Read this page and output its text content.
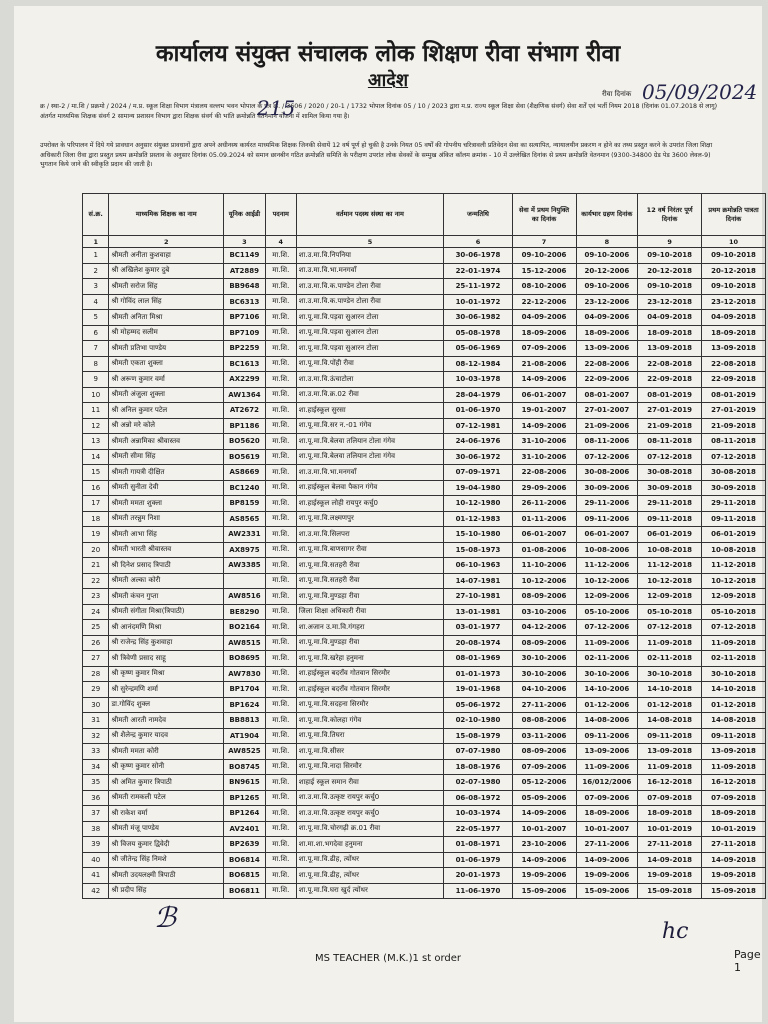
कार्यालय संयुक्त संचालक लोक शिक्षण रीवा संभाग रीवा
आदेश
रीवा दिनांक 05/09/2024
क्र / स्था-2 / मा.शि / प्रक्रमो / 2024 / म.प्र. स्कूल शिक्षा विभाग मंत्रालय वल्लभ भवन भोपाल के पत्र क्र. / 3606 / 2020 / 20-1 / 1732 भोपाल दिनांक 05 / 10 / 2023 द्वारा म.प्र. राज्य स्कूल शिक्षा सेवा (शैक्षणिक संवर्ग) सेवा शर्तें एवं भर्ती नियम 2018 (दिनांक 01.07.2018 से लागू) अंतर्गत माध्यमिक शिक्षक संवर्ग 2 सामान्य प्रशासन विभाग द्वारा शिक्षक संवर्ग की भांति क्रमोन्नति वेतनमान योजना में शामिल किया गया है।
215
उपरोक्त के परिपालन में दिये गये प्रावधान अनुसार संयुक्त प्रावधानों द्वारा अपने अधीनस्थ कार्यरत माध्यमिक शिक्षक जिनकी सेवायें 12 वर्ष पूर्ण हो चुकी है उनके नियत 05 वर्षों की गोपनीय चरित्रावली प्रतिवेदन सेवा का सत्यापित, न्यायालयीन प्रकरण न होने का तथ्य प्रस्तुत करने के उपरांत जिला शिक्षा अधिकारी जिला रीवा द्वारा प्रस्तुत प्रथम क्रमोन्नति प्रस्ताव के अनुसार दिनांक 05.09.2024 को समान छानबीन गठित क्रमोन्नति समिति के परीक्षण उपरांत लोक सेवकों के सम्मुख अंकित कॉलम क्रमांक - 10 में उल्लेखित दिनांक से प्रथम क्रमोन्नति वेतनमान (9300-34800 ग्रेड पेड 3600 लेवल-9) भुगतान किये जाने की स्वीकृति प्रदान की जाती है।
सं.क्र.	माध्यमिक शिक्षक का नाम	यूनिक आईडी	पदनाम	वर्तमान पदस्थ संस्था का नाम	जन्मतिथि	सेवा में प्रथम नियुक्ति का दिनांक	कार्यभार ग्रहण दिनांक	12 वर्ष निरंतर पूर्ण दिनांक	प्रथम क्रमोन्नति पात्रता दिनांक
1	2	3	4	5	6	7	8	9	10
1	श्रीमती अनीता कुशवाहा	BC1149	मा.शि.	शा.उ.मा.वि.निपनिया	30-06-1978	09-10-2006	09-10-2006	09-10-2018	09-10-2018
2	श्री अखिलेश कुमार दुबे	AT2889	मा.शि.	शा.उ.मा.वि.भा.मनगवाँ	22-01-1974	15-12-2006	20-12-2006	20-12-2018	20-12-2018
3	श्रीमती सरोज सिंह	BB9648	मा.शि.	शा.उ.मा.वि.क.पाण्डेन टोला रीवा	25-11-1972	08-10-2006	09-10-2006	09-10-2018	09-10-2018
4	श्री गोविंद लाल सिंह	BC6313	मा.शि.	शा.उ.मा.वि.क.पाण्डेन टोला रीवा	10-01-1972	22-12-2006	23-12-2006	23-12-2018	23-12-2018
5	श्रीमती अनिता मिश्रा	BP7106	मा.शि.	शा.पू.मा.वि.पड़वा सुआरन टोला	30-06-1982	04-09-2006	04-09-2006	04-09-2018	04-09-2018
6	श्री मोहम्मद सलीम	BP7109	मा.शि.	शा.पू.मा.वि.पड़वा सुआरन टोला	05-08-1978	18-09-2006	18-09-2006	18-09-2018	18-09-2018
7	श्रीमती प्रतिभा पाण्डेय	BP2259	मा.शि.	शा.पू.मा.वि.पड़वा सुआरन टोला	05-06-1969	07-09-2006	13-09-2006	13-09-2018	13-09-2018
8	श्रीमती एकता शुक्ला	BC1613	मा.शि.	शा.पू.मा.वि.पोंही रीवा	08-12-1984	21-08-2006	22-08-2006	22-08-2018	22-08-2018
9	श्री अरूण कुमार वर्मा	AX2299	मा.शि.	शा.उ.मा.वि.ऊंचाटोला	10-03-1978	14-09-2006	22-09-2006	22-09-2018	22-09-2018
10	श्रीमती अंजुला शुक्ला	AW1364	मा.शि.	शा.उ.मा.वि.क्र.02 रीवा	28-04-1979	06-01-2007	08-01-2007	08-01-2019	08-01-2019
11	श्री अनिल कुमार पटेल	AT2672	मा.शि.	शा.हाईस्कूल सुरसा	01-06-1970	19-01-2007	27-01-2007	27-01-2019	27-01-2019
12	श्री अन्नो मरे कोले	BP1186	मा.शि.	शा.पू.मा.वि.सर न.-01 गंगेव	07-12-1981	14-09-2006	21-09-2006	21-09-2018	21-09-2018
13	श्रीमती अन्नामिका श्रीवास्तव	BO5620	मा.शि.	शा.पू.मा.वि.बेलवा तलियान टोला गंगेव	24-06-1976	31-10-2006	08-11-2006	08-11-2018	08-11-2018
14	श्रीमती सीमा सिंह	BO5619	मा.शि.	शा.पू.मा.वि.बेलवा तलियान टोला गंगेव	30-06-1972	31-10-2006	07-12-2006	07-12-2018	07-12-2018
15	श्रीमती गायत्री दीक्षित	AS8669	मा.शि.	शा.उ.मा.वि.भा.मनगवाँ	07-09-1971	22-08-2006	30-08-2006	30-08-2018	30-08-2018
16	श्रीमती सुनीता देवी	BC1240	मा.शि.	शा.हाईस्कूल बेलवा पैकान गंगेव	19-04-1980	29-09-2006	30-09-2006	30-09-2018	30-09-2018
17	श्रीमती ममता शुक्ला	BP8159	मा.शि.	शा.हाईस्कूल लोही रायपुर कर्चु0	10-12-1980	26-11-2006	29-11-2006	29-11-2018	29-11-2018
18	श्रीमती तरन्नुम निशा	AS8565	मा.शि.	शा.पू.मा.वि.लक्ष्मणपुर	01-12-1983	01-11-2006	09-11-2006	09-11-2018	09-11-2018
19	श्रीमती आभा सिंह	AW2331	मा.शि.	शा.उ.मा.वि.सिलपरा	15-10-1980	06-01-2007	06-01-2007	06-01-2019	06-01-2019
20	श्रीमती भारती श्रीवास्तव	AX8975	मा.शि.	शा.पू.मा.वि.बाणसागर रीवा	15-08-1973	01-08-2006	10-08-2006	10-08-2018	10-08-2018
21	श्री दिनेश प्रसाद त्रिपाठी	AW3385	मा.शि.	शा.पू.मा.वि.सतहरी रीवा	06-10-1963	11-10-2006	11-12-2006	11-12-2018	11-12-2018
22	श्रीमती अल्का कोरी		मा.शि.	शा.पू.मा.वि.सतहरी रीवा	14-07-1981	10-12-2006	10-12-2006	10-12-2018	10-12-2018
23	श्रीमती कंचन गुप्ता	AW8516	मा.शि.	शा.पू.मा.वि.मुण्डहा रीवा	27-10-1981	08-09-2006	12-09-2006	12-09-2018	12-09-2018
24	श्रीमती संगीता मिश्रा(त्रिपाठी)	BE8290	मा.शि.	जिला शिक्षा अधिकारी रीवा	13-01-1981	03-10-2006	05-10-2006	05-10-2018	05-10-2018
25	श्री आनंदमणि मिश्रा	BO2164	मा.शि.	शा.अजान उ.मा.वि.गंगहरा	03-01-1977	04-12-2006	07-12-2006	07-12-2018	07-12-2018
26	श्री राजेन्द्र सिंह कुशवाहा	AW8515	मा.शि.	शा.पू.मा.वि.मुण्डहा रीवा	20-08-1974	08-09-2006	11-09-2006	11-09-2018	11-09-2018
27	श्री त्रिवेणी प्रसाद साहू	BO8695	मा.शि.	शा.पू.मा.वि.खरेहा हनुमना	08-01-1969	30-10-2006	02-11-2006	02-11-2018	02-11-2018
28	श्री कृष्ण कुमार मिश्रा	AW7830	मा.शि.	शा.हाईस्कूल बदराँव गोतवान सिरमौर	01-01-1973	30-10-2006	30-10-2006	30-10-2018	30-10-2018
29	श्री सुरेन्द्रमणि शर्मा	BP1704	मा.शि.	शा.हाईस्कूल बदराँव गोतवान सिरमौर	19-01-1968	04-10-2006	14-10-2006	14-10-2018	14-10-2018
30	डा.गोविंद शुक्ल	BP1624	मा.शि.	शा.पू.मा.वि.सदहना सिरमौर	05-06-1972	27-11-2006	01-12-2006	01-12-2018	01-12-2018
31	श्रीमती आरती नामदेव	BB8813	मा.शि.	शा.पू.मा.वि.कोलहा गंगेव	02-10-1980	08-08-2006	14-08-2006	14-08-2018	14-08-2018
32	श्री शैलेन्द्र कुमार यादव	AT1904	मा.शि.	शा.पू.मा.वि.तिघरा	15-08-1979	03-11-2006	09-11-2006	09-11-2018	09-11-2018
33	श्रीमती ममता कोरी	AW8525	मा.शि.	शा.पू.मा.वि.सीसर	07-07-1980	08-09-2006	13-09-2006	13-09-2018	13-09-2018
34	श्री कृष्ण कुमार सोनी	BO8745	मा.शि.	शा.पू.मा.वि.नादा सिरमौर	18-08-1976	07-09-2006	11-09-2006	11-09-2018	11-09-2018
35	श्री अमित कुमार त्रिपाठी	BN9615	मा.शि.	शाहाई स्कूल समान रीवा	02-07-1980	05-12-2006	16/012/2006	16-12-2018	16-12-2018
36	श्रीमती रामकली पटेल	BP1265	मा.शि.	शा.उ.मा.वि.उत्कृष्ट रायपुर कर्चु0	06-08-1972	05-09-2006	07-09-2006	07-09-2018	07-09-2018
37	श्री राकेश वर्मा	BP1264	मा.शि.	शा.उ.मा.वि.उत्कृष्ट रायपुर कर्चु0	10-03-1974	14-09-2006	18-09-2006	18-09-2018	18-09-2018
38	श्रीमती मंजू पाण्डेय	AV2401	मा.शि.	शा.पू.मा.वि.चोरगढ़ी क्र.01 रीवा	22-05-1977	10-01-2007	10-01-2007	10-01-2019	10-01-2019
39	श्री विजय कुमार द्विवेदी	BP2639	मा.शि.	शा.मा.शा.भगदेवा हनुमना	01-08-1971	23-10-2006	27-11-2006	27-11-2018	27-11-2018
40	श्री जीतेन्द्र सिंह निमशे	BO6814	मा.शि.	शा.पू.मा.वि.ढीह, त्योंथर	01-06-1979	14-09-2006	14-09-2006	14-09-2018	14-09-2018
41	श्रीमती उदयलक्ष्मी त्रिपाठी	BO6815	मा.शि.	शा.पू.मा.वि.ढीह, त्योंथर	20-01-1973	19-09-2006	19-09-2006	19-09-2018	19-09-2018
42	श्री प्रदीप सिंह	BO6811	मा.शि.	शा.पू.मा.वि.घरा खुर्द त्योंथर	11-06-1970	15-09-2006	15-09-2006	15-09-2018	15-09-2018
ℬ	ℎc
MS TEACHER (M.K.)1 st order	Page 1
